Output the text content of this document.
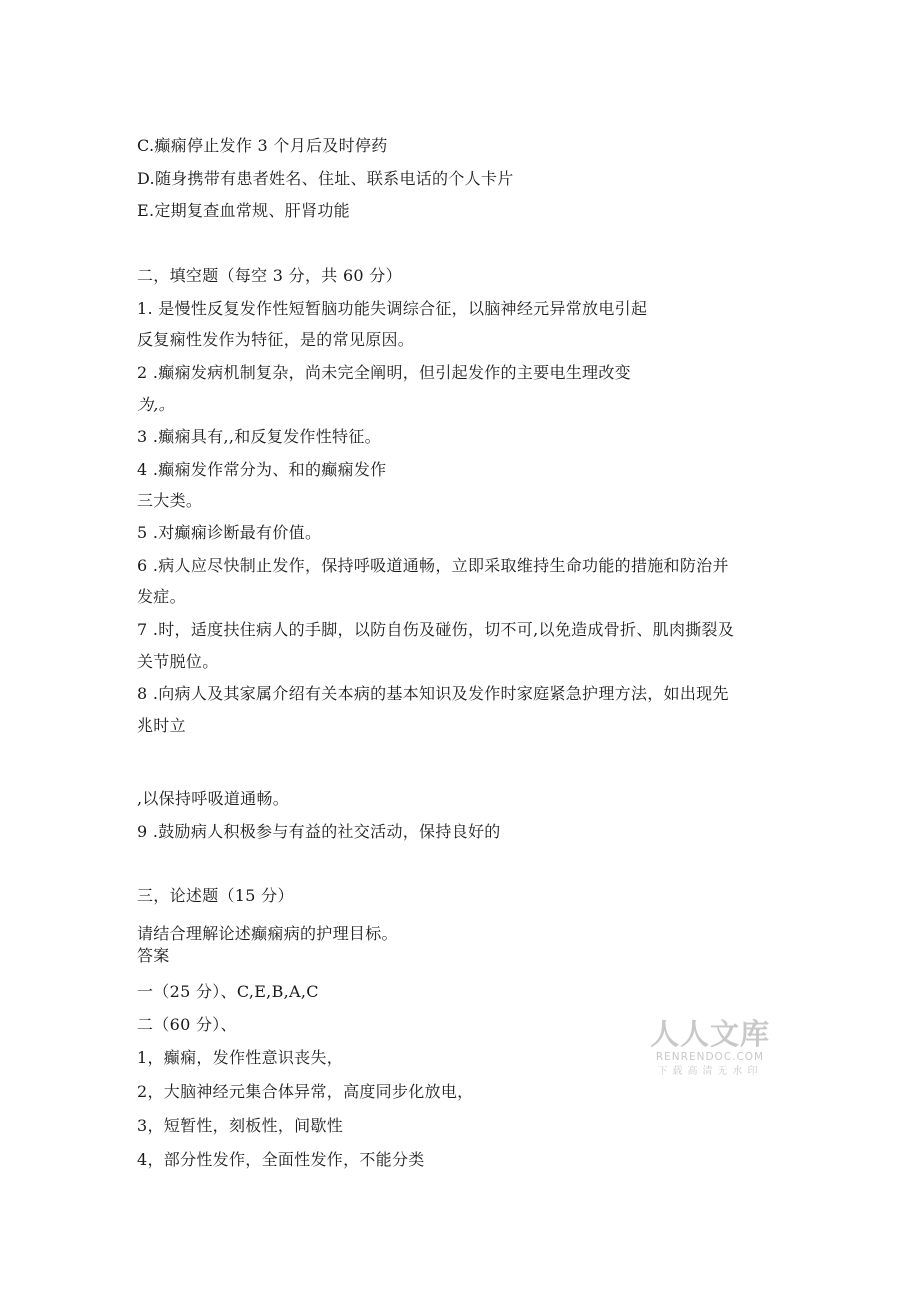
C.癫痫停止发作 3 个月后及时停药
D.随身携带有患者姓名、住址、联系电话的个人卡片
E.定期复查血常规、肝肾功能
二，填空题（每空 3 分，共 60 分）
1. 是慢性反复发作性短暂脑功能失调综合征，以脑神经元异常放电引起
反复痫性发作为特征，是的常见原因。
2 .癫痫发病机制复杂，尚未完全阐明，但引起发作的主要电生理改变
为,。
3 .癫痫具有,,和反复发作性特征。
4 .癫痫发作常分为、和的癫痫发作
三大类。
5 .对癫痫诊断最有价值。
6 .病人应尽快制止发作，保持呼吸道通畅，立即采取维持生命功能的措施和防治并
发症。
7 .时，适度扶住病人的手脚，以防自伤及碰伤，切不可,以免造成骨折、肌肉撕裂及
关节脱位。
8 .向病人及其家属介绍有关本病的基本知识及发作时家庭紧急护理方法，如出现先
兆时立
,以保持呼吸道通畅。
9 .鼓励病人积极参与有益的社交活动，保持良好的
三，论述题（15 分）
请结合理解论述癫痫病的护理目标。
答案
一（25 分）、C,E,B,A,C
二（60 分）、
1，癫痫，发作性意识丧失，
2，大脑神经元集合体异常，高度同步化放电，
3，短暂性，刻板性，间歇性
4，部分性发作，全面性发作，不能分类
人人文库
RENRENDOC.COM
下载高清无水印
